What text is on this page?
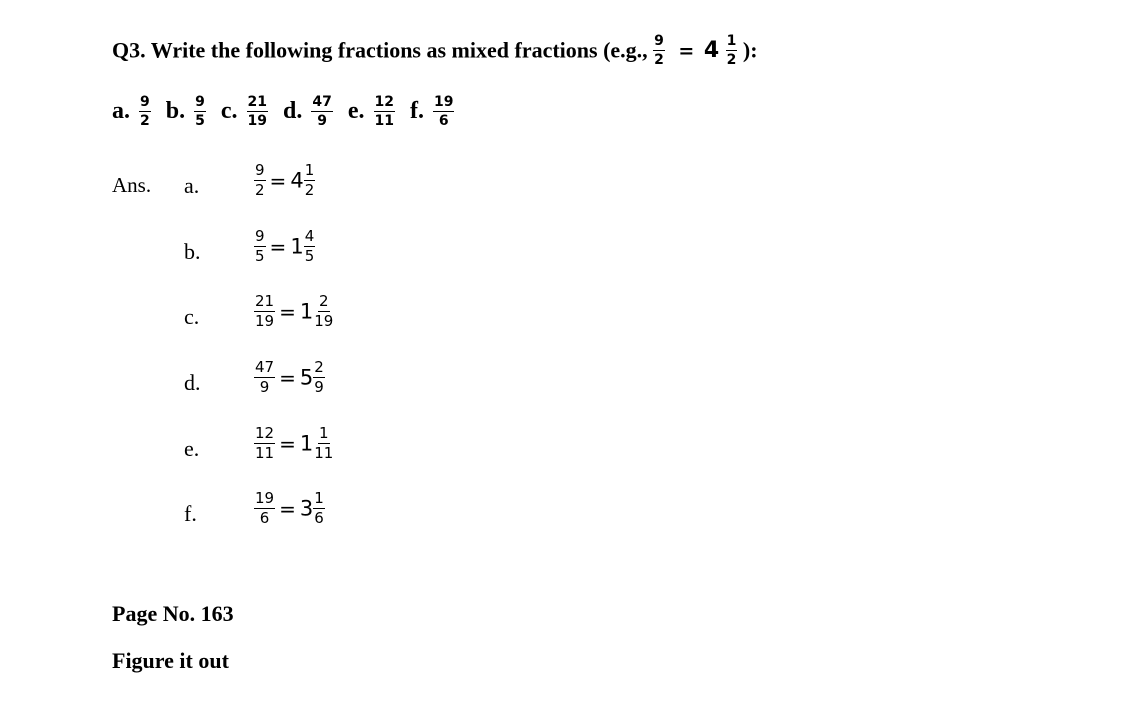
Q3. Write the following fractions as mixed fractions (e.g., $\frac{9}{2} = 4 \frac{1}{2}$ ):
a. $\frac{9}{2} b$. $\frac{9}{5} c$. $\frac{21}{19} d$. $\frac{47}{9} e$. $\frac{12}{11} f$. $\frac{19}{6}$
Ans. a.	$\frac{9}{2} = 4 \frac{1}{2}$
b.	$\frac{9}{5} = 1 \frac{4}{5}$
c.	$\frac{21}{19} = 1 \frac{2}{19}$
d.	$\frac{47}{9} = 5 \frac{2}{9}$
e.	$\frac{12}{11} = 1 \frac{1}{11}$
f.	$\frac{19}{6} = 3 \frac{1}{6}$
Page No. 163
Figure it out
